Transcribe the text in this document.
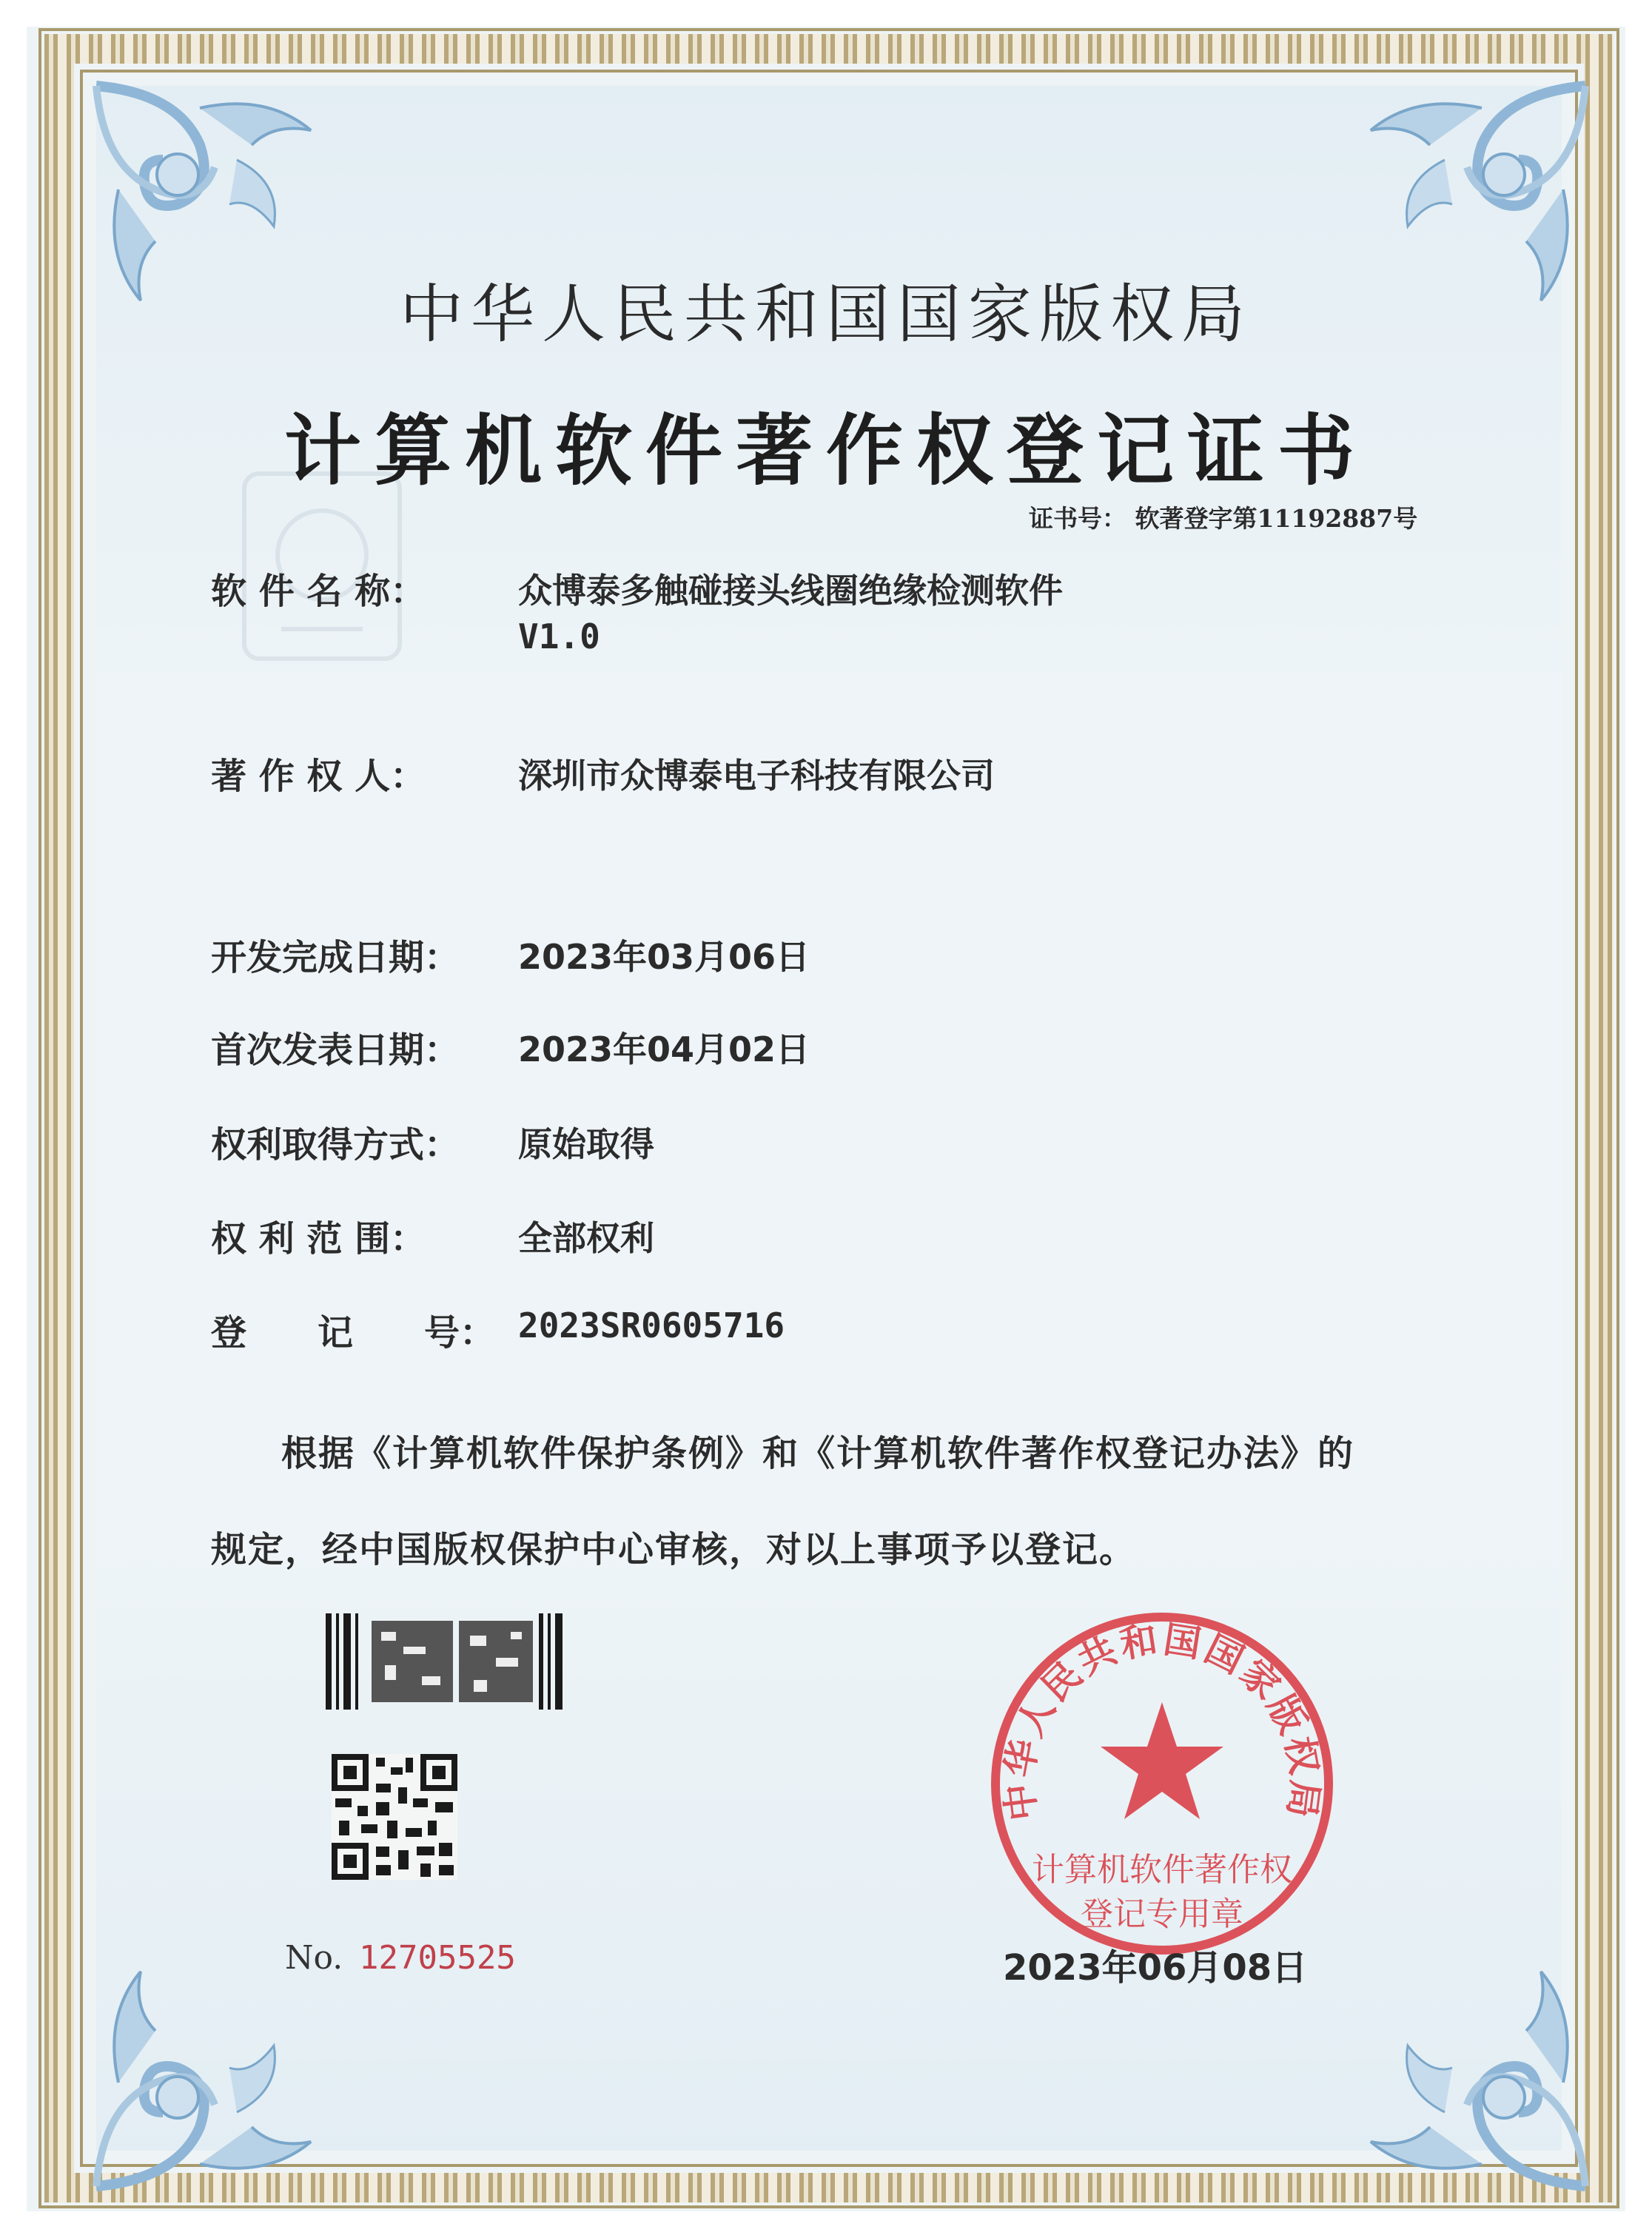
中华人民共和国国家版权局
计算机软件著作权登记证书
证书号： 软著登字第11192887号
软 件 名 称：	众博泰多触碰接头线圈绝缘检测软件
V1.0
著 作 权 人：	深圳市众博泰电子科技有限公司
开发完成日期： 2023年03月06日
首次发表日期： 2023年04月02日
权利取得方式： 原始取得
权 利 范 围：	全部权利
登　　记　　号： 2023SR0605716
根据《计算机软件保护条例》和《计算机软件著作权登记办法》的
规定，经中国版权保护中心审核，对以上事项予以登记。
No. 12705525
中华人民共和国国家版权局
计算机软件著作权
登记专用章
2023年06月08日
